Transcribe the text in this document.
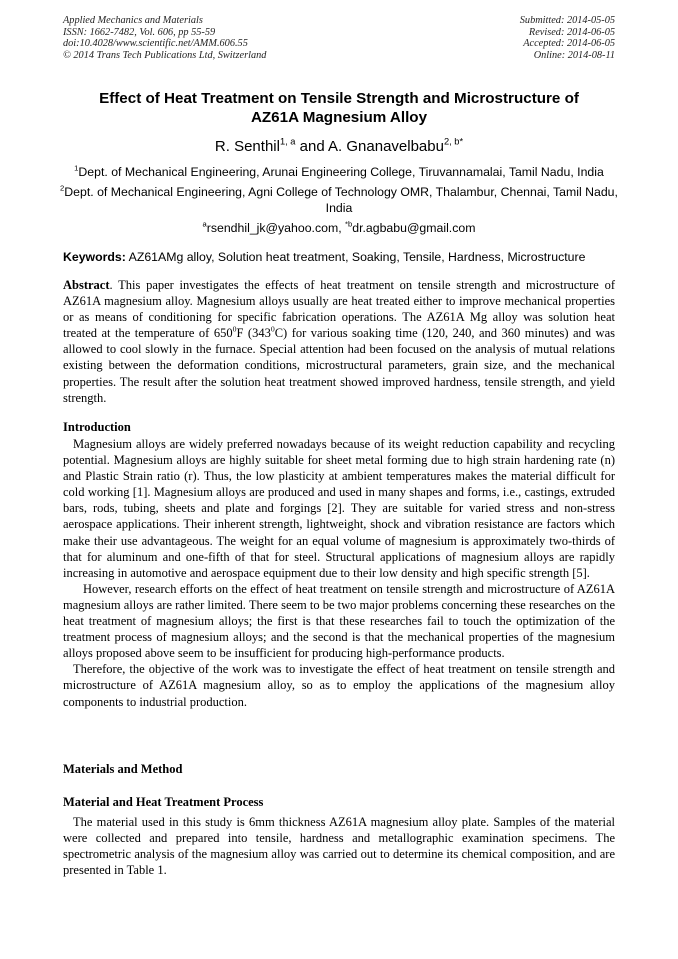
Applied Mechanics and Materials
ISSN: 1662-7482, Vol. 606, pp 55-59
doi:10.4028/www.scientific.net/AMM.606.55
© 2014 Trans Tech Publications Ltd, Switzerland
Submitted: 2014-05-05
Revised: 2014-06-05
Accepted: 2014-06-05
Online: 2014-08-11
Effect of Heat Treatment on Tensile Strength and Microstructure of
AZ61A Magnesium Alloy
R. Senthil$^{1, a}$ and A. Gnanavelbabu$^{2, b*}$
$^1$Dept. of Mechanical Engineering, Arunai Engineering College, Tiruvannamalai, Tamil Nadu, India
$^2$Dept. of Mechanical Engineering, Agni College of Technology OMR, Thalambur, Chennai, Tamil Nadu, India
$^a$rsendhil_jk@yahoo.com, $^{*b}$dr.agbabu@gmail.com
Keywords: AZ61AMg alloy, Solution heat treatment, Soaking, Tensile, Hardness, Microstructure

Abstract. This paper investigates the effects of heat treatment on tensile strength and microstructure of AZ61A magnesium alloy. Magnesium alloys usually are heat treated either to improve mechanical properties or as means of conditioning for specific fabrication operations. The AZ61A Mg alloy was solution heat treated at the temperature of $650^0F$ $(343^0C)$ for various soaking time (120, 240, and 360 minutes) and was allowed to cool slowly in the furnace. Special attention had been focused on the analysis of mutual relations existing between the deformation conditions, microstructural parameters, grain size, and the mechanical properties. The result after the solution heat treatment showed improved hardness, tensile strength, and yield strength.

Introduction

Magnesium alloys are widely preferred nowadays because of its weight reduction capability and recycling potential. Magnesium alloys are highly suitable for sheet metal forming due to high strain hardening rate (n) and Plastic Strain ratio (r). Thus, the low plasticity at ambient temperatures makes the material difficult for cold working [1]. Magnesium alloys are produced and used in many shapes and forms, i.e., castings, extruded bars, rods, tubing, sheets and plate and forgings [2]. They are suitable for varied stress and non-stress aerospace applications. Their inherent strength, lightweight, shock and vibration resistance are factors which make their use advantageous. The weight for an equal volume of magnesium is approximately two-thirds of that for aluminum and one-fifth of that for steel. Structural applications of magnesium alloys are rapidly increasing in automotive and aerospace equipment due to their low density and high specific strength [5].

However, research efforts on the effect of heat treatment on tensile strength and microstructure of AZ61A magnesium alloys are rather limited. There seem to be two major problems concerning these researches on the heat treatment of magnesium alloys; the first is that these researches fail to touch the optimization of the treatment process of magnesium alloys; and the second is that the mechanical properties of the magnesium alloys proposed above seem to be insufficient for producing high-performance products.

Therefore, the objective of the work was to investigate the effect of heat treatment on tensile strength and microstructure of AZ61A magnesium alloy, so as to employ the applications of the magnesium alloy components to industrial production.

Materials and Method
Material and Heat Treatment Process

The material used in this study is 6mm thickness AZ61A magnesium alloy plate. Samples of the material were collected and prepared into tensile, hardness and metallographic examination specimens. The spectrometric analysis of the magnesium alloy was carried out to determine its chemical composition, and are presented in Table 1.
